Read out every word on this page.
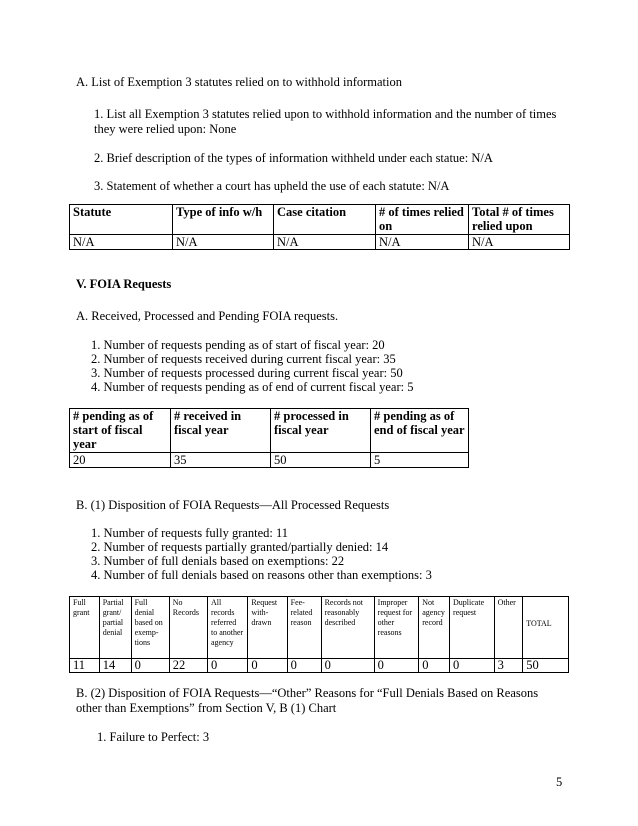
A. List of Exemption 3 statutes relied on to withhold information

1. List all Exemption 3 statutes relied upon to withhold information and the number of times they were relied upon: None

2. Brief description of the types of information withheld under each statue: N/A

3. Statement of whether a court has upheld the use of each statute: N/A

Statute	Type of info w/h	Case citation	# of times relied on	Total # of times relied upon
N/A	N/A	N/A	N/A	N/A

V. FOIA Requests

A. Received, Processed and Pending FOIA requests.

1. Number of requests pending as of start of fiscal year: 20

2. Number of requests received during current fiscal year: 35

3. Number of requests processed during current fiscal year: 50

4. Number of requests pending as of end of current fiscal year: 5

# pending as of start of fiscal year	# received in fiscal year	# processed in fiscal year	# pending as of end of fiscal year
20	35	50	5

B. (1) Disposition of FOIA Requests—All Processed Requests

1. Number of requests fully granted: 11

2. Number of requests partially granted/partially denied: 14

3. Number of full denials based on exemptions: 22

4. Number of full denials based on reasons other than exemptions: 3

Full grant	Partial grant/ partial denial	Full denial based on exemp-tions	No Records	All records referred to another agency	Request with-drawn	Fee-related reason	Records not reasonably described	Improper request for other reasons	Not agency record	Duplicate request	Other	TOTAL
11	14	0	22	0	0	0	0	0	0	0	3	50

B. (2) Disposition of FOIA Requests—“Other” Reasons for “Full Denials Based on Reasons other than Exemptions” from Section V, B (1) Chart

1. Failure to Perfect: 3

5
